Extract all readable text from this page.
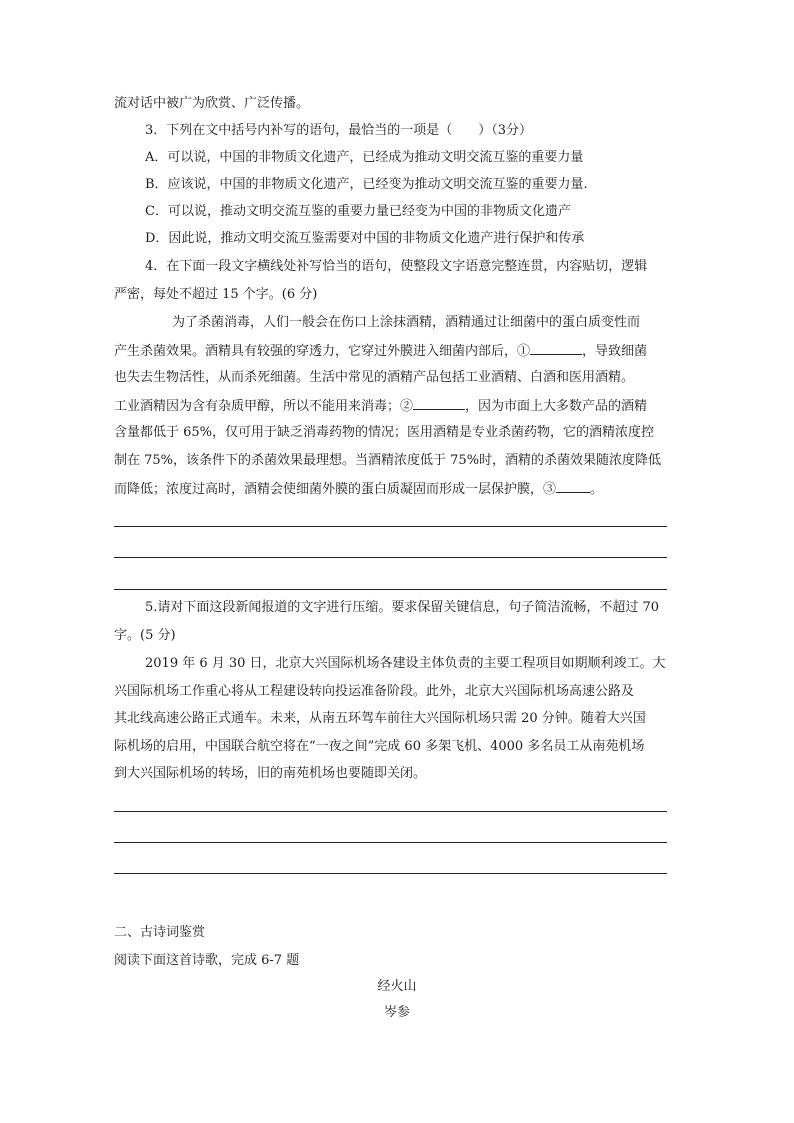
流对话中被广为欣赏、广泛传播。
3．下列在文中括号内补写的语句，最恰当的一项是（　　）（3分）
A．可以说，中国的非物质文化遗产，已经成为推动文明交流互鉴的重要力量
B．应该说，中国的非物质文化遗产，已经变为推动文明交流互鉴的重要力量.
C．可以说，推动文明交流互鉴的重要力量已经变为中国的非物质文化遗产
D．因此说，推动文明交流互鉴需要对中国的非物质文化遗产进行保护和传承
4．在下面一段文字横线处补写恰当的语句，使整段文字语意完整连贯，内容贴切，逻辑
严密，每处不超过 15 个字。(6 分)
为了杀菌消毒，人们一般会在伤口上涂抹酒精，酒精通过让细菌中的蛋白质变性而
产生杀菌效果。酒精具有较强的穿透力，它穿过外膜进入细菌内部后，①	，导致细菌
也失去生物活性，从而杀死细菌。生活中常见的酒精产品包括工业酒精、白酒和医用酒精。
工业酒精因为含有杂质甲醇，所以不能用来消毒；②	，因为市面上大多数产品的酒精
含量都低于 65%，仅可用于缺乏消毒药物的情况；医用酒精是专业杀菌药物，它的酒精浓度控
制在 75%，该条件下的杀菌效果最理想。当酒精浓度低于 75%时，酒精的杀菌效果随浓度降低
而降低；浓度过高时，酒精会使细菌外膜的蛋白质凝固而形成一层保护膜，③	。
5.请对下面这段新闻报道的文字进行压缩。要求保留关键信息，句子简洁流畅，不超过 70
字。(5 分)
2019 年 6 月 30 日，北京大兴国际机场各建设主体负责的主要工程项目如期顺利竣工。大
兴国际机场工作重心将从工程建设转向投运准备阶段。此外，北京大兴国际机场高速公路及
其北线高速公路正式通车。未来，从南五环驾车前往大兴国际机场只需 20 分钟。随着大兴国
际机场的启用，中国联合航空将在“一夜之间”完成 60 多架飞机、4000 多名员工从南苑机场
到大兴国际机场的转场，旧的南苑机场也要随即关闭。
二、古诗词鉴赏
阅读下面这首诗歌，完成 6-7 题
经火山
岑参
